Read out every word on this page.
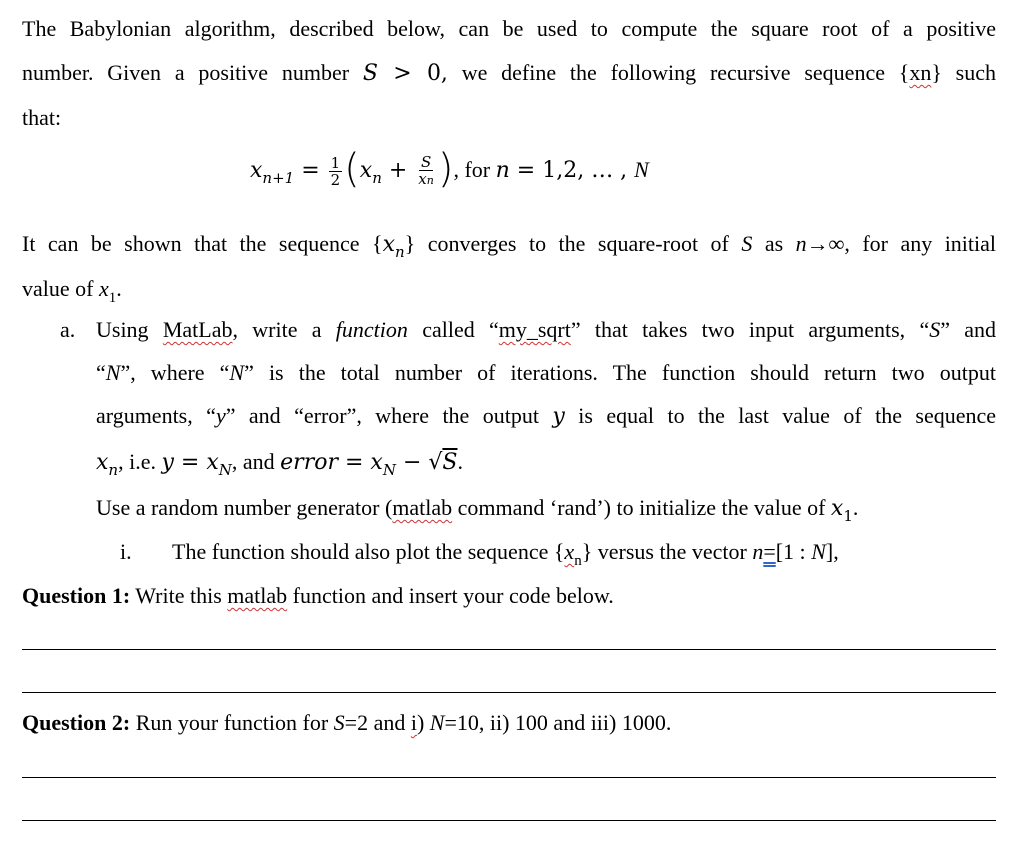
The Babylonian algorithm, described below, can be used to compute the square root of a positive
number. Given a positive number S > 0, we define the following recursive sequence {xn} such
that:
$x_{n+1} = \frac{1}{2} (x_n + \frac{S}{xn}$ ), for n = 1,2, … , N
It can be shown that the sequence $\{x_n\}$ converges to the square-root of S as n→∞, for any initial
value of $x_1$.
a. Using MatLab, write a function called “my_sqrt” that takes two input arguments, “S” and
“N”, where “N” is the total number of iterations. The function should return two output
arguments, “y” and “error”, where the output y is equal to the last value of the sequence
$x_n$, i.e. $y = x_N$, and error = $x_N - √S$.
Use a random number generator (matlab command ‘rand’) to initialize the value of $x_1$.
i. The function should also plot the sequence $\{x_n\}$ versus the vector n=[1 : N],
Question 1: Write this matlab function and insert your code below.
Question 2: Run your function for S=2 and i) N=10, ii) 100 and iii) 1000.
